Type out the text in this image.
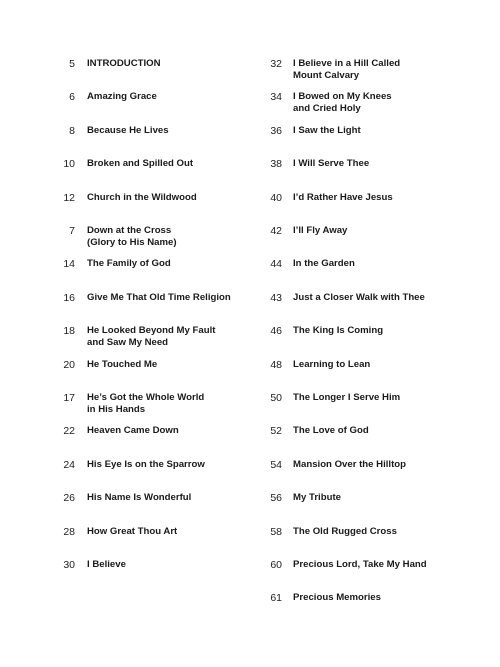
5 INTRODUCTION
6 Amazing Grace
8 Because He Lives
10 Broken and Spilled Out
12 Church in the Wildwood
7 Down at the Cross
(Glory to His Name)
14 The Family of God
16 Give Me That Old Time Religion
18 He Looked Beyond My Fault
and Saw My Need
20 He Touched Me
17 He’s Got the Whole World
in His Hands
22 Heaven Came Down
24 His Eye Is on the Sparrow
26 His Name Is Wonderful
28 How Great Thou Art
30 I Believe
32 I Believe in a Hill Called
Mount Calvary
34 I Bowed on My Knees
and Cried Holy
36 I Saw the Light
38 I Will Serve Thee
40 I’d Rather Have Jesus
42 I’ll Fly Away
44 In the Garden
43 Just a Closer Walk with Thee
46 The King Is Coming
48 Learning to Lean
50 The Longer I Serve Him
52 The Love of God
54 Mansion Over the Hilltop
56 My Tribute
58 The Old Rugged Cross
60 Precious Lord, Take My Hand
61 Precious Memories
